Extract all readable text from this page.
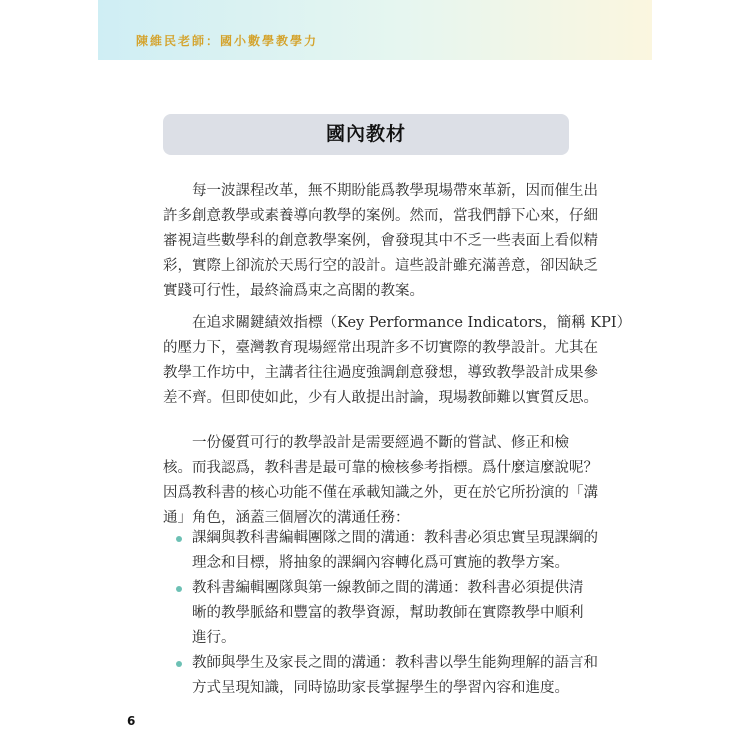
陳維民老師：國小數學教學力
國內教材
每一波課程改革，無不期盼能爲教學現場帶來革新，因而催生出
許多創意教學或素養導向教學的案例。然而，當我們靜下心來，仔細
審視這些數學科的創意教學案例，會發現其中不乏一些表面上看似精
彩，實際上卻流於天馬行空的設計。這些設計雖充滿善意，卻因缺乏
實踐可行性，最終淪爲束之高閣的教案。
在追求關鍵績效指標（Key Performance Indicators，簡稱 KPI）
的壓力下，臺灣教育現場經常出現許多不切實際的教學設計。尤其在
教學工作坊中，主講者往往過度強調創意發想，導致教學設計成果參
差不齊。但即使如此，少有人敢提出討論，現場教師難以實質反思。
一份優質可行的教學設計是需要經過不斷的嘗試、修正和檢
核。而我認爲，教科書是最可靠的檢核參考指標。爲什麼這麼說呢？
因爲教科書的核心功能不僅在承載知識之外，更在於它所扮演的「溝
通」角色，涵蓋三個層次的溝通任務：
課綱與教科書編輯團隊之間的溝通：教科書必須忠實呈現課綱的
理念和目標，將抽象的課綱內容轉化爲可實施的教學方案。
教科書編輯團隊與第一線教師之間的溝通：教科書必須提供清
晰的教學脈絡和豐富的教學資源，幫助教師在實際教學中順利
進行。
教師與學生及家長之間的溝通：教科書以學生能夠理解的語言和
方式呈現知識，同時協助家長掌握學生的學習內容和進度。
6
